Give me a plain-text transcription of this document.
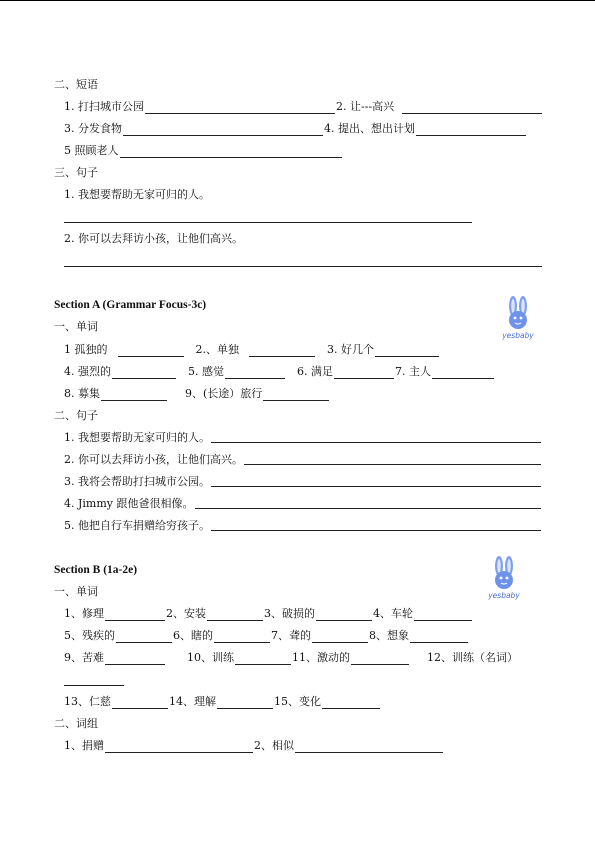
二、短语
1. 打扫城市公园	2. 让---高兴
3. 分发食物	4. 提出、想出计划
5 照顾老人
三、句子
1. 我想要帮助无家可归的人。
2. 你可以去拜访小孩，让他们高兴。
Section A (Grammar Focus-3c)
yesbaby
一、单词
1 孤独的	2.、单独	3. 好几个
4. 强烈的	5. 感觉	6. 满足	7. 主人
8. 募集	9、(长途）旅行
二、句子
1. 我想要帮助无家可归的人。
2. 你可以去拜访小孩，让他们高兴。
3. 我将会帮助打扫城市公园。
4. Jimmy 跟他爸很相像。
5. 他把自行车捐赠给穷孩子。
Section B (1a-2e)
yesbaby
一、单词
1、修理	2、安装	3、破损的	4、车轮
5、残疾的	6、瞎的	7、聋的	8、想象
9、苦难	10、训练	11、激动的	12、训练（名词）
13、仁慈	14、理解	15、变化
二、词组
1、捐赠	2、相似
